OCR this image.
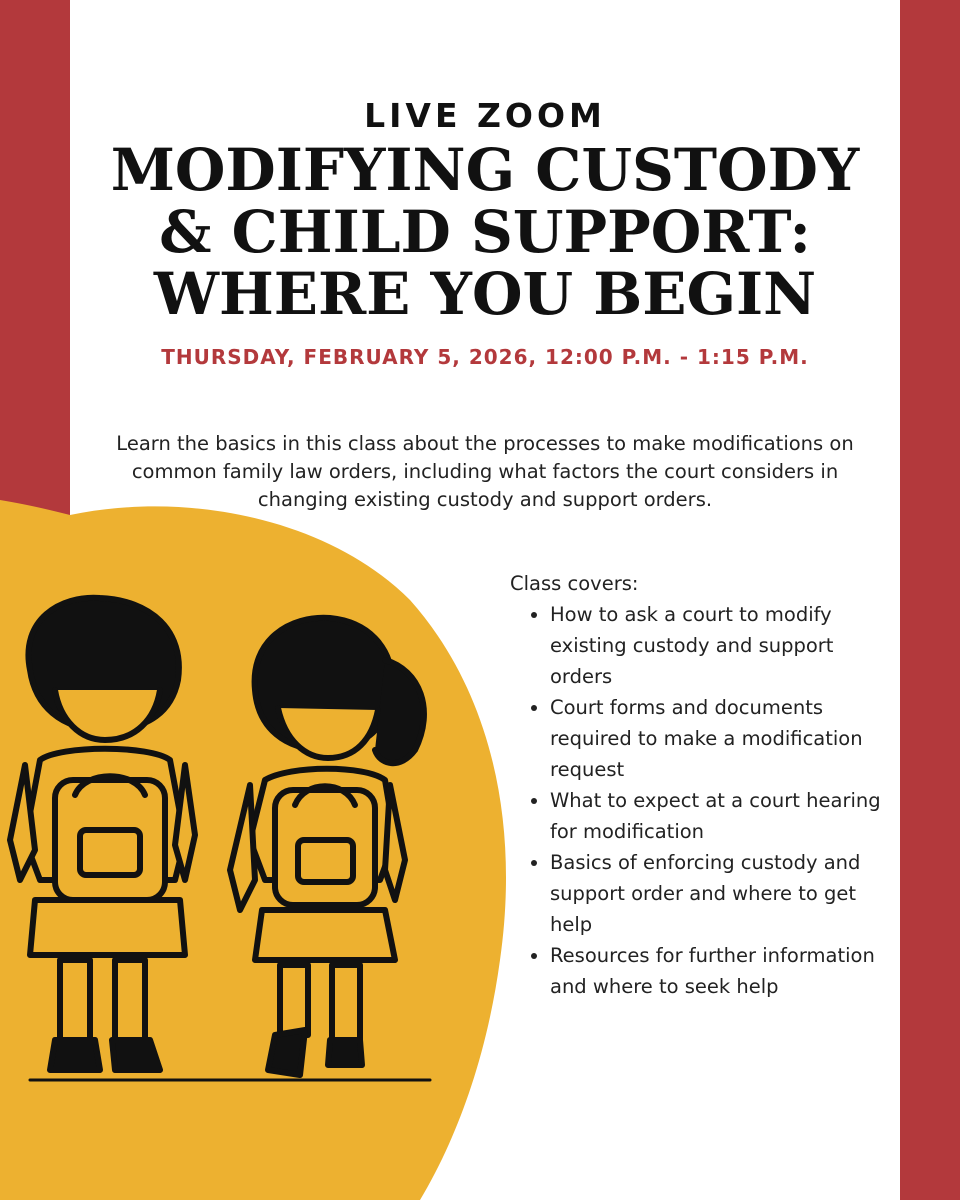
LIVE ZOOM

MODIFYING CUSTODY
& CHILD SUPPORT:
WHERE YOU BEGIN
THURSDAY, FEBRUARY 5, 2026, 12:00 P.M. - 1:15 P.M.

Learn the basics in this class about the processes to make modifications on common family law orders, including what factors the court considers in changing existing custody and support orders.

Class covers:

• How to ask a court to modify existing custody and support orders
• Court forms and documents required to make a modification request
• What to expect at a court hearing for modification
• Basics of enforcing custody and support order and where to get help
• Resources for further information and where to seek help
